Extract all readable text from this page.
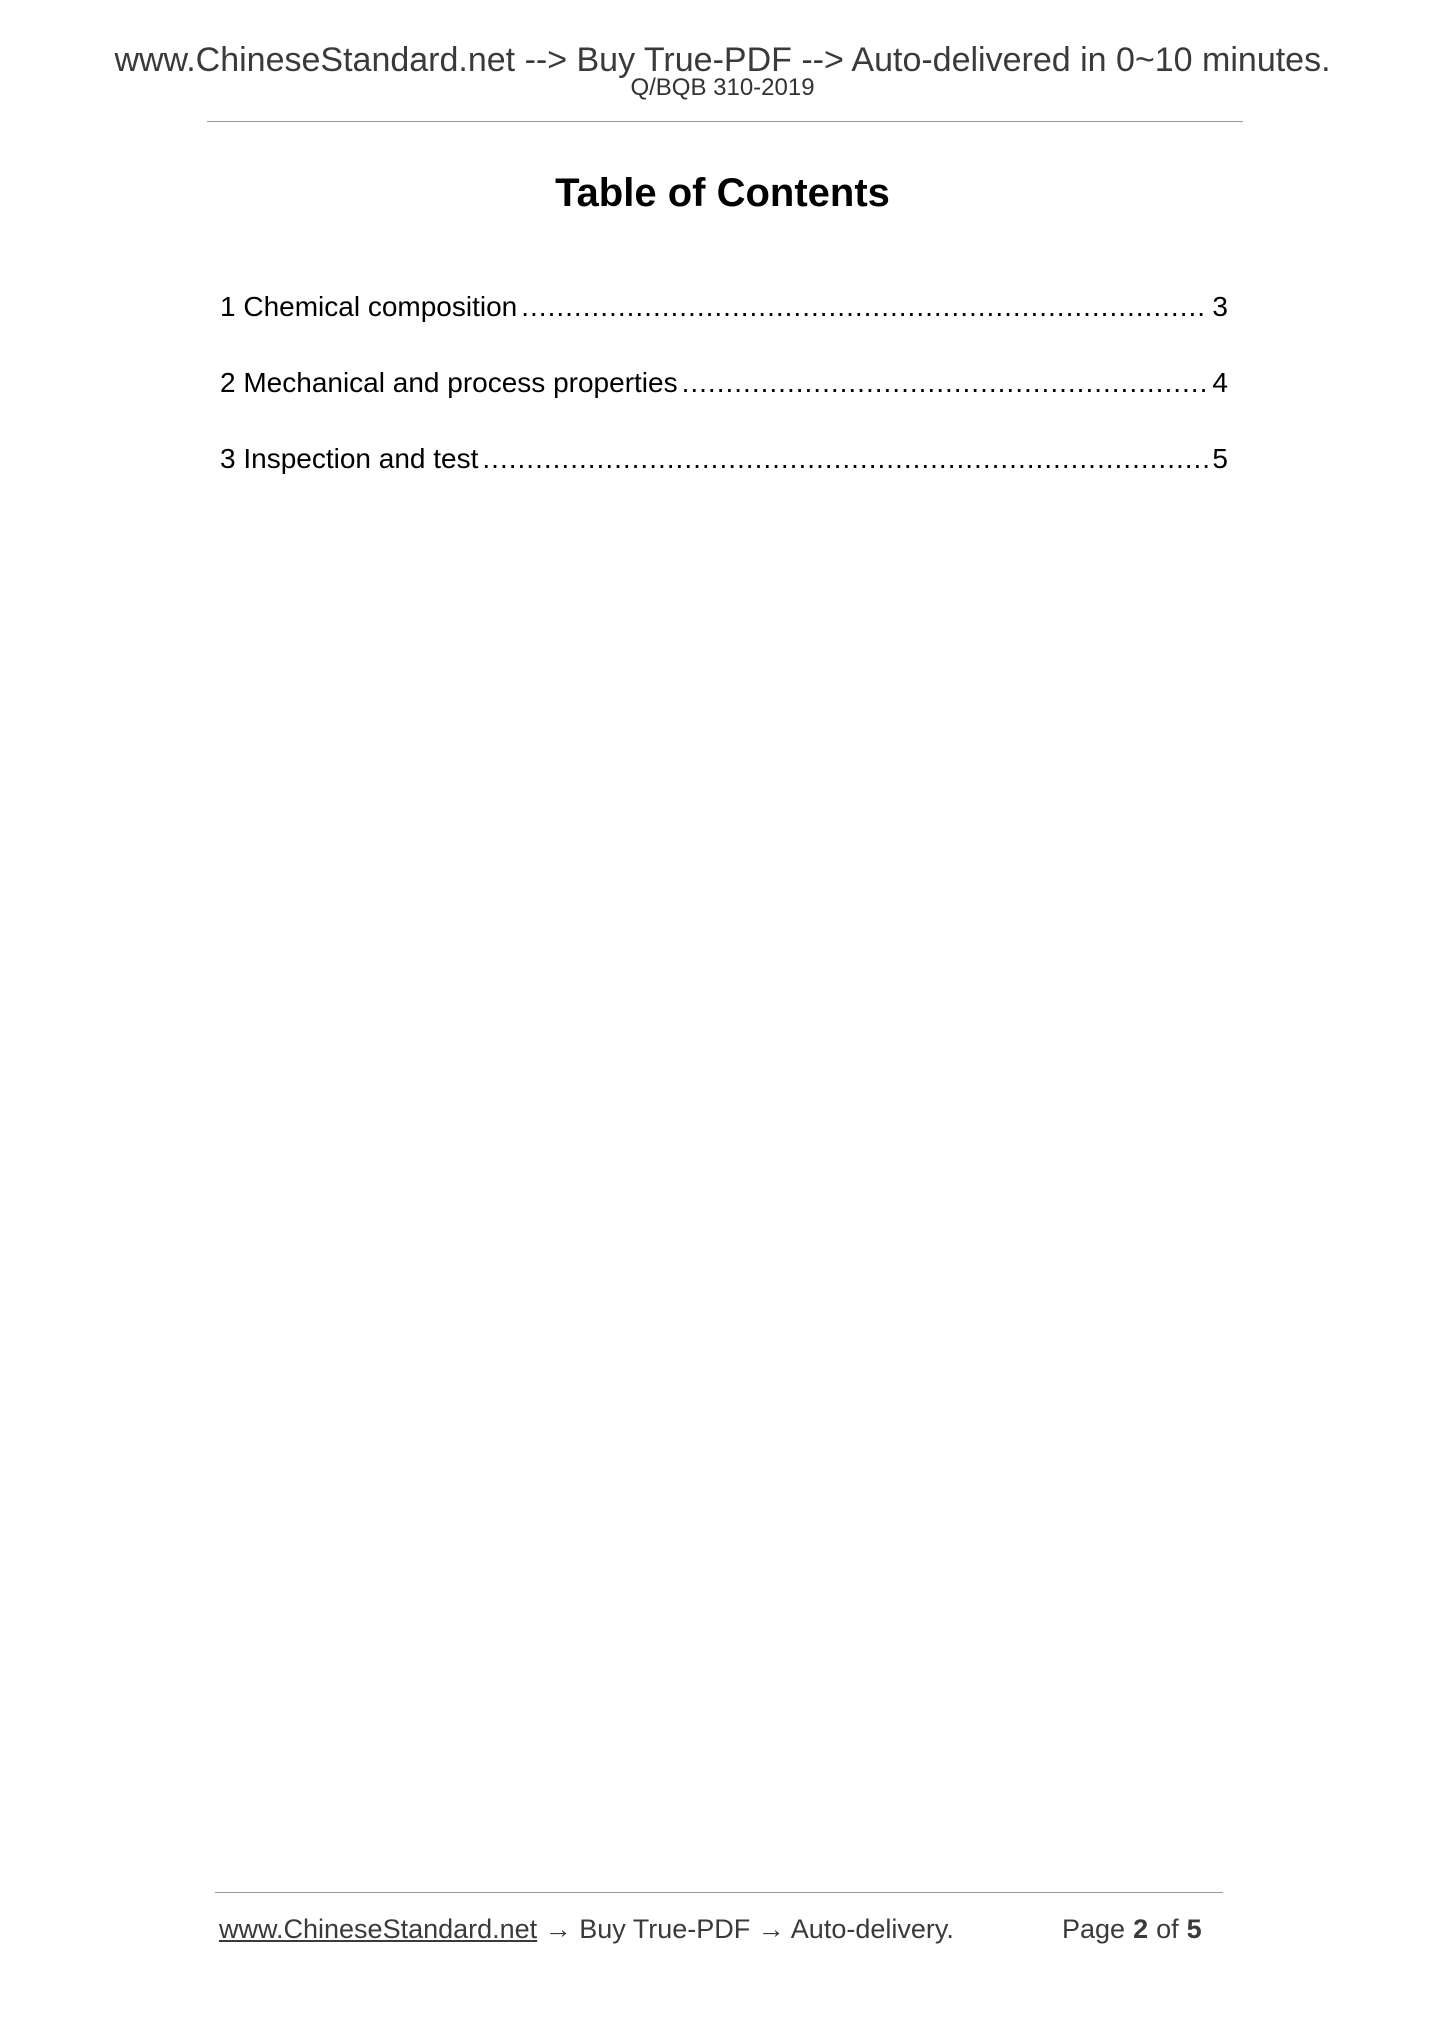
www.ChineseStandard.net --> Buy True-PDF --> Auto-delivered in 0~10 minutes.
Q/BQB 310-2019
Table of Contents
1 Chemical composition .....	3
2 Mechanical and process properties .....	4
3 Inspection and test .....	5
www.ChineseStandard.net → Buy True-PDF → Auto-delivery.	Page 2 of 5
